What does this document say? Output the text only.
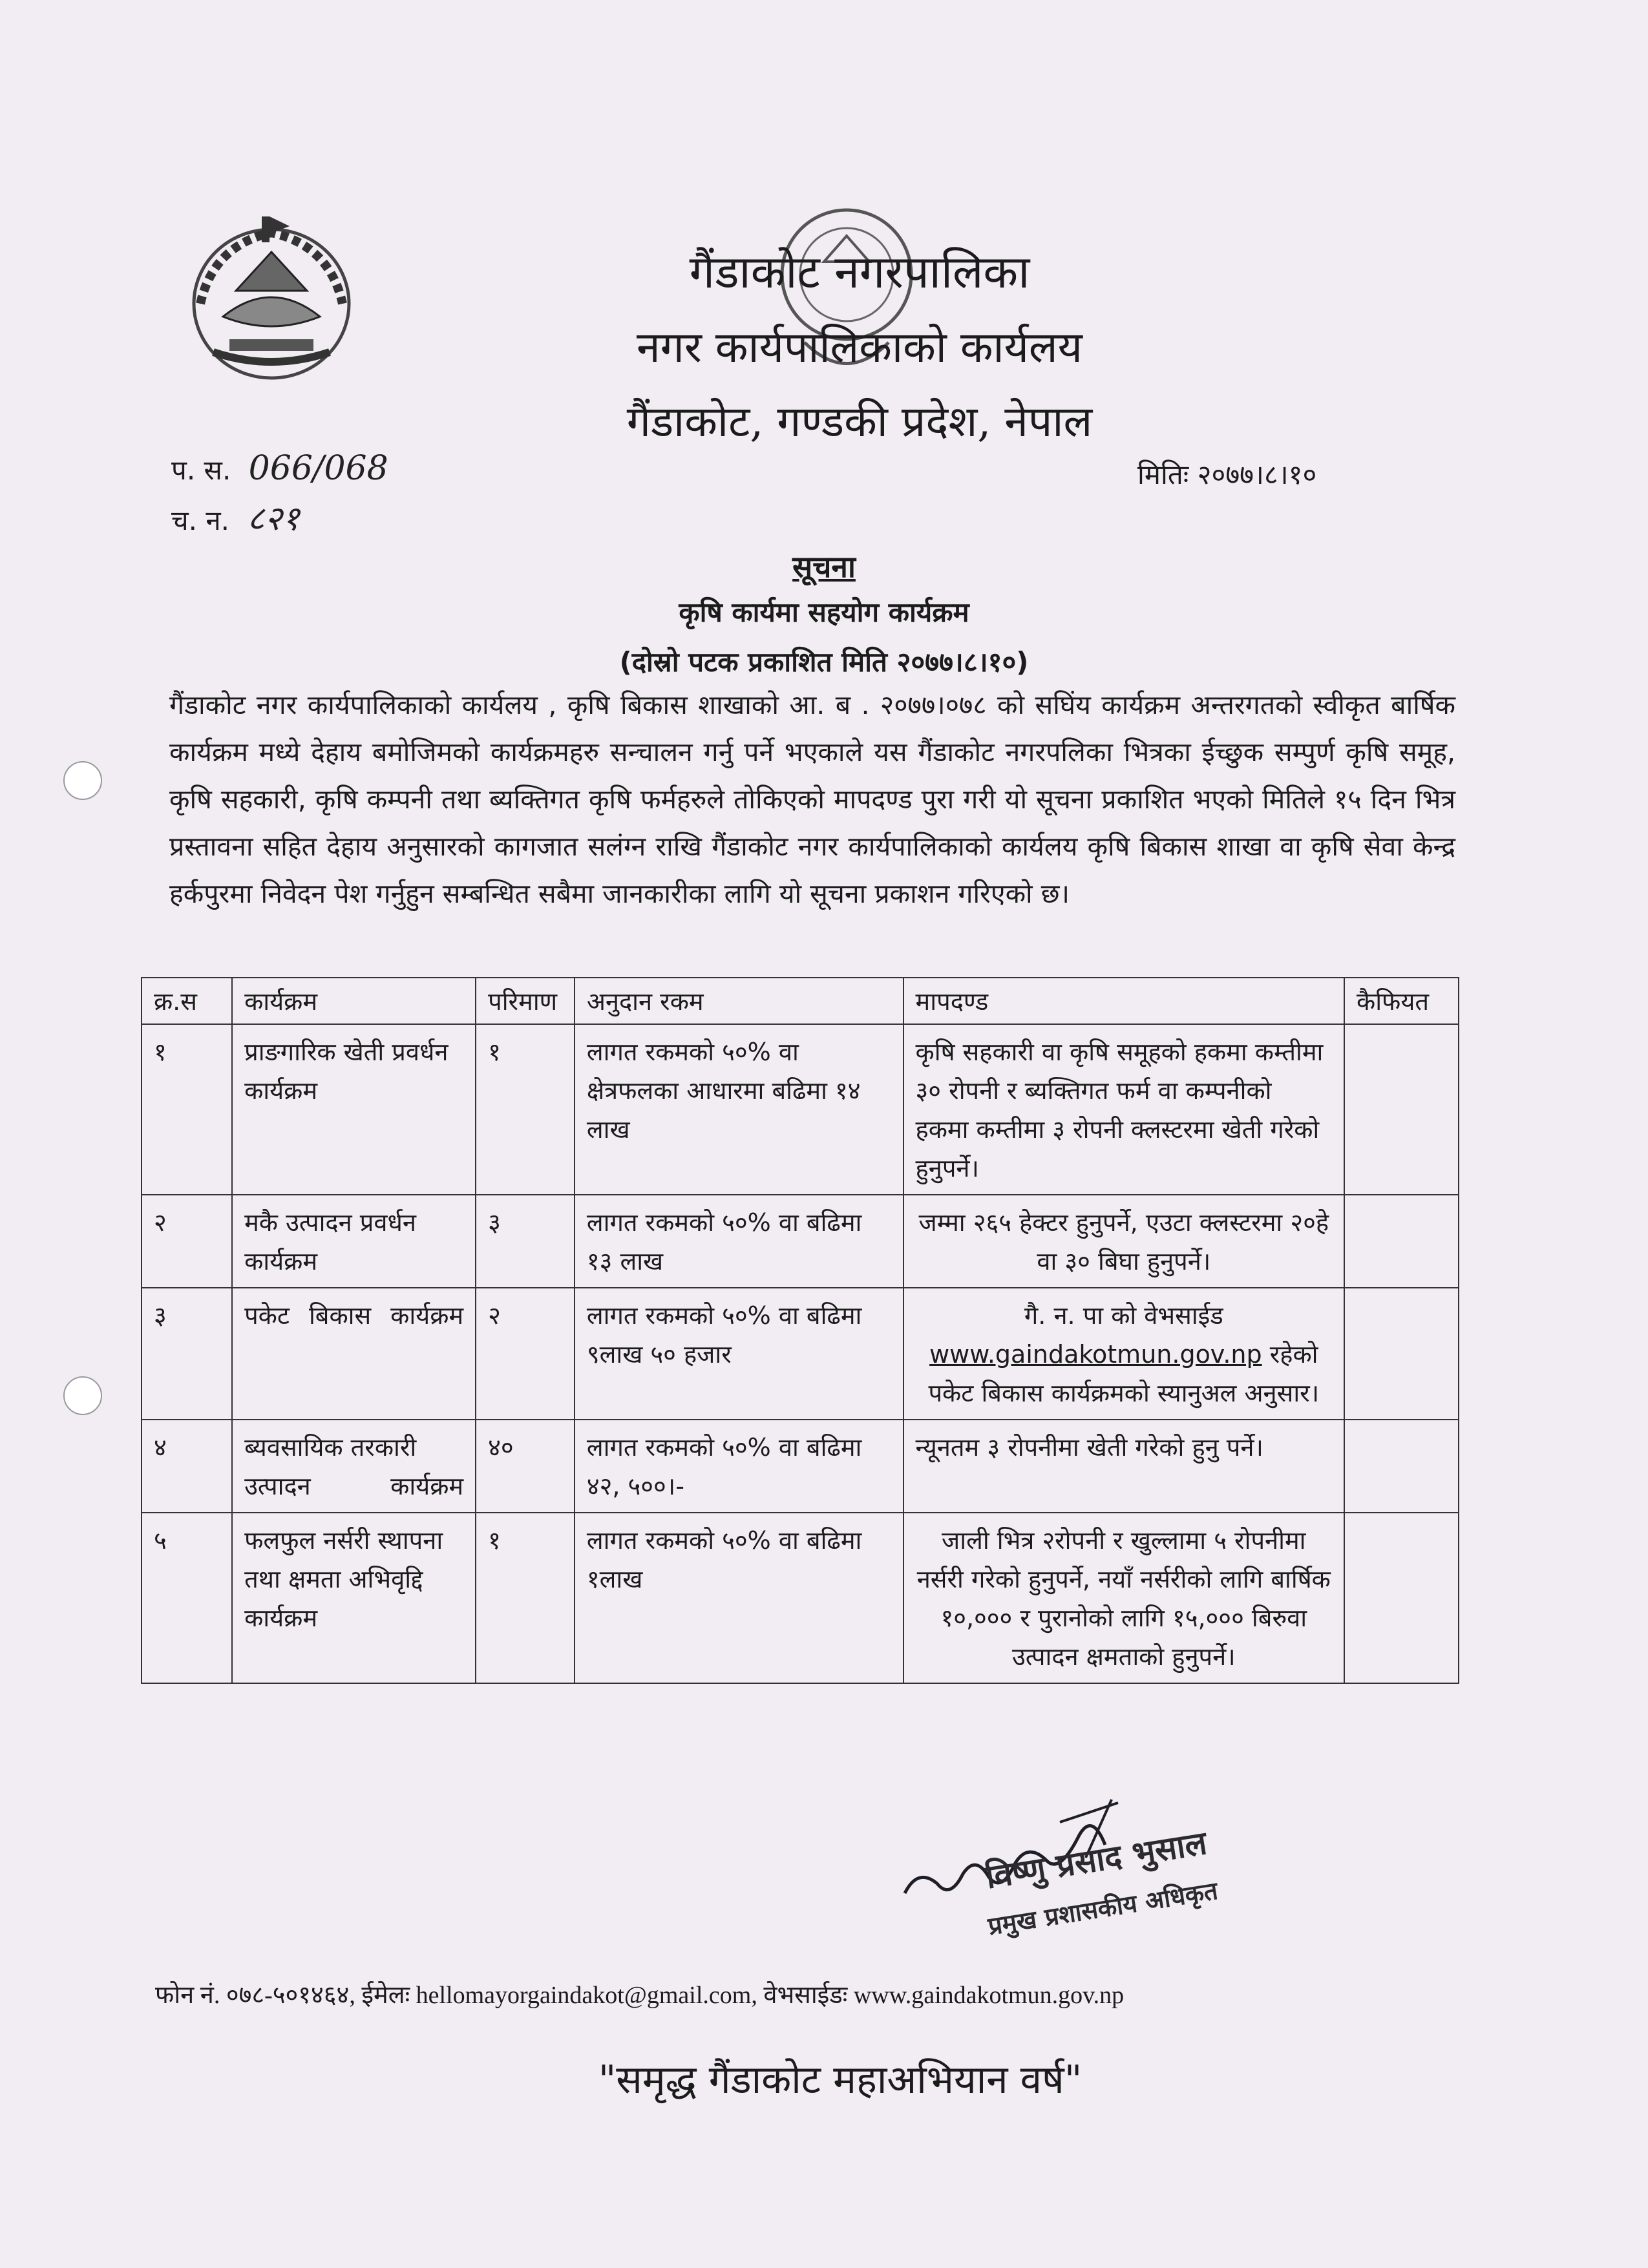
गैंडाकोट नगरपालिका
नगर कार्यपालिकाको कार्यलय
गैंडाकोट, गण्डकी प्रदेश, नेपाल
प. स. 066/068
च. न. ८२१
मितिः २०७७।८।१०
सूचना
कृषि कार्यमा सहयोग कार्यक्रम
(दोस्रो पटक प्रकाशित मिति २०७७।८।१०)
गैंडाकोट नगर कार्यपालिकाको कार्यलय , कृषि बिकास शाखाको आ. ब . २०७७।०७८ को सघिंय कार्यक्रम अन्तरगतको स्वीकृत बार्षिक कार्यक्रम मध्ये देहाय बमोजिमको कार्यक्रमहरु सन्चालन गर्नु पर्ने भएकाले यस गैंडाकोट नगरपलिका भित्रका ईच्छुक सम्पुर्ण कृषि समूह, कृषि सहकारी, कृषि कम्पनी तथा ब्यक्तिगत कृषि फर्महरुले तोकिएको मापदण्ड पुरा गरी यो सूचना प्रकाशित भएको मितिले १५ दिन भित्र प्रस्तावना सहित देहाय अनुसारको कागजात सलंग्न राखि गैंडाकोट नगर कार्यपालिकाको कार्यलय कृषि बिकास शाखा वा कृषि सेवा केन्द्र हर्कपुरमा निवेदन पेश गर्नुहुन सम्बन्धित सबैमा जानकारीका लागि यो सूचना प्रकाशन गरिएको छ।
क्र.स	कार्यक्रम	परिमाण	अनुदान रकम	मापदण्ड	कैफियत
१	प्राङगारिक खेती प्रवर्धन कार्यक्रम	१	लागत रकमको ५०% वा क्षेत्रफलका आधारमा बढिमा १४ लाख	कृषि सहकारी वा कृषि समूहको हकमा कम्तीमा ३० रोपनी र ब्यक्तिगत फर्म वा कम्पनीको हकमा कम्तीमा ३ रोपनी क्लस्टरमा खेती गरेको हुनुपर्ने।	
२	मकै उत्पादन प्रवर्धन कार्यक्रम	३	लागत रकमको ५०% वा बढिमा १३ लाख	जम्मा २६५ हेक्टर हुनुपर्ने, एउटा क्लस्टरमा २०हे वा ३० बिघा हुनुपर्ने।	
३	पकेट बिकास कार्यक्रम	२	लागत रकमको ५०% वा बढिमा ९लाख ५० हजार	गै. न. पा को वेभसाईड
www.gaindakotmun.gov.np रहेको पकेट बिकास कार्यक्रमको स्यानुअल अनुसार।	
४	ब्यवसायिक तरकारी उत्पादन कार्यक्रम	४०	लागत रकमको ५०% वा बढिमा ४२, ५००।-	न्यूनतम ३ रोपनीमा खेती गरेको हुनु पर्ने।	
५	फलफुल नर्सरी स्थापना तथा क्षमता अभिवृद्दि कार्यक्रम	१	लागत रकमको ५०% वा बढिमा १लाख	जाली भित्र २रोपनी र खुल्लामा ५ रोपनीमा नर्सरी गरेको हुनुपर्ने, नयाँ नर्सरीको लागि बार्षिक १०,००० र पुरानोको लागि १५,००० बिरुवा उत्पादन क्षमताको हुनुपर्ने।	
विष्णु प्रसाद भुसाल
प्रमुख प्रशासकीय अधिकृत
फोन नं. ०७८-५०१४६४, ईमेलः hellomayorgaindakot@gmail.com, वेभसाईडः www.gaindakotmun.gov.np
"समृद्ध गैंडाकोट महाअभियान वर्ष"
